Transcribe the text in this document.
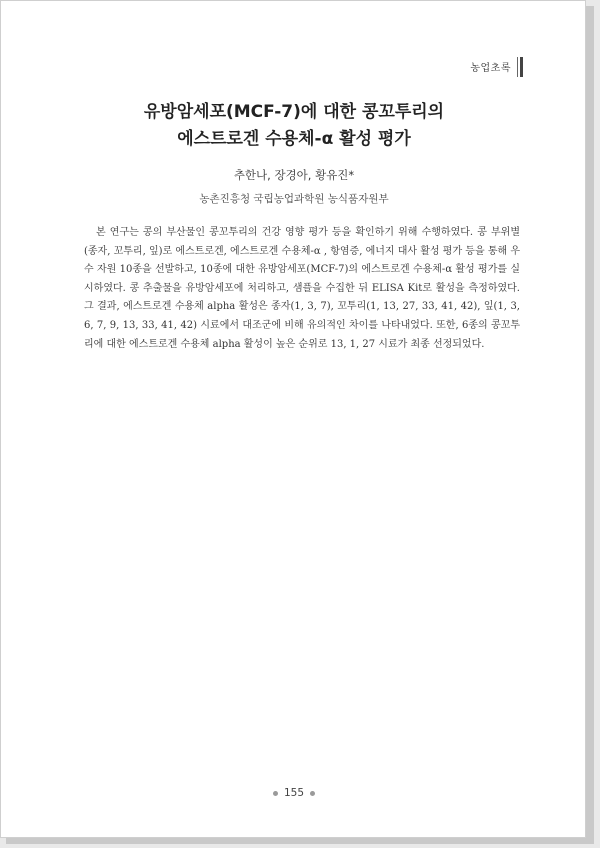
농업초록
유방암세포(MCF-7)에 대한 콩꼬투리의
에스트로겐 수용체-α 활성 평가
추한나, 장경아, 황유진*
농촌진흥청 국립농업과학원 농식품자원부

본 연구는 콩의 부산물인 콩꼬투리의 건강 영향 평가 등을 확인하기 위해 수행하였다. 콩 부위별(종자, 꼬투리, 잎)로 에스트로겐, 에스트로겐 수용체-α , 항염증, 에너지 대사 활성 평가 등을 통해 우수 자원 10종을 선발하고, 10종에 대한 유방암세포(MCF-7)의 에스트로겐 수용체-α 활성 평가를 실시하였다. 콩 추출물을 유방암세포에 처리하고, 샘플을 수집한 뒤 ELISA Kit로 활성을 측정하였다. 그 결과, 에스트로겐 수용체 alpha 활성은 종자(1, 3, 7), 꼬투리(1, 13, 27, 33, 41, 42), 잎(1, 3, 6, 7, 9, 13, 33, 41, 42) 시료에서 대조군에 비해 유의적인 차이를 나타내었다. 또한, 6종의 콩꼬투리에 대한 에스트로겐 수용체 alpha 활성이 높은 순위로 13, 1, 27 시료가 최종 선정되었다.

155
